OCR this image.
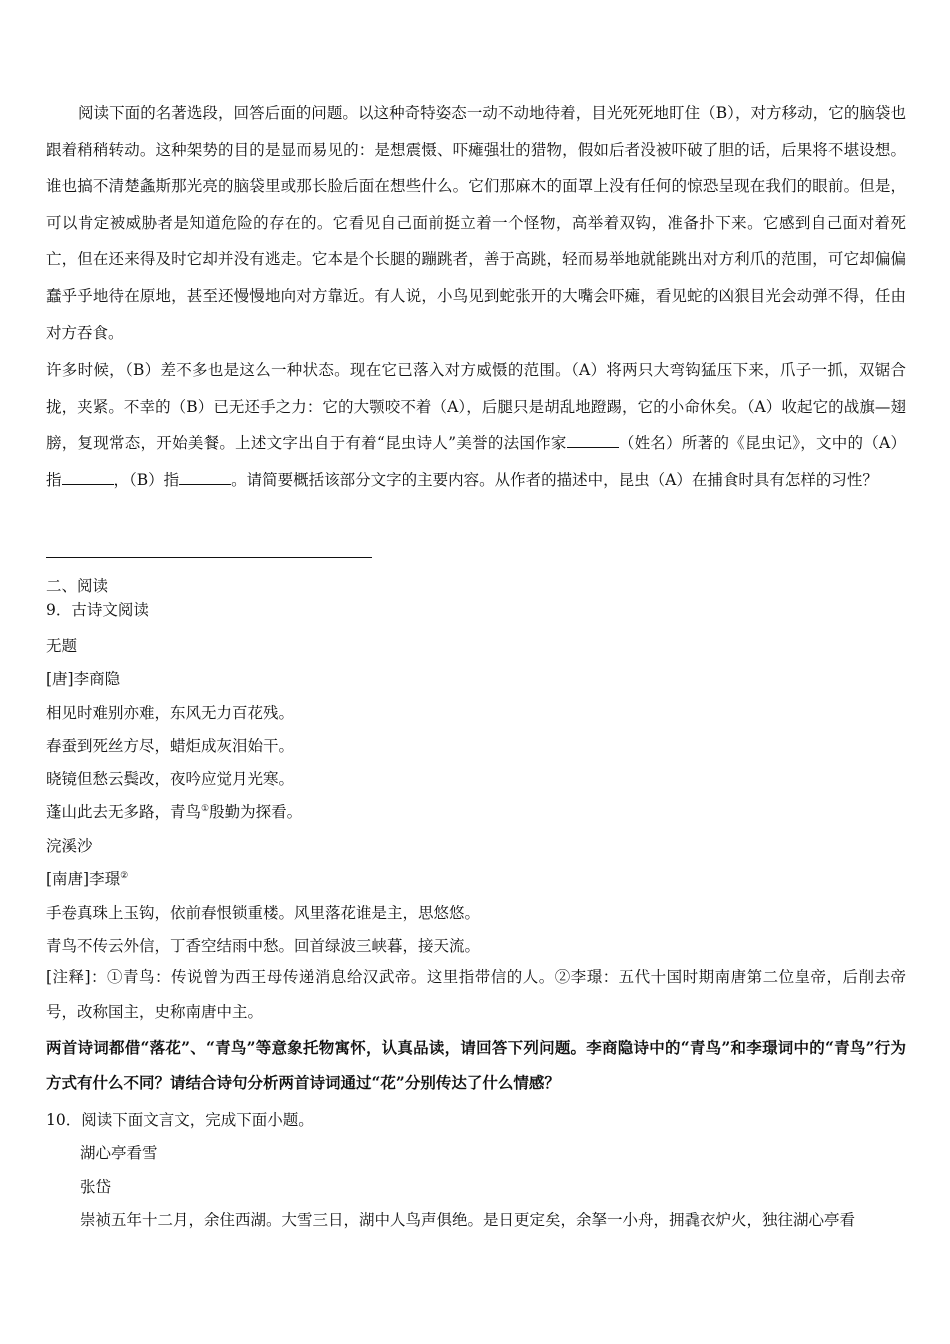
阅读下面的名著选段，回答后面的问题。以这种奇特姿态一动不动地待着，目光死死地盯住（B），对方移动，它的脑袋也跟着稍稍转动。这种架势的目的是显而易见的：是想震慑、吓瘫强壮的猎物，假如后者没被吓破了胆的话，后果将不堪设想。谁也搞不清楚螽斯那光亮的脑袋里或那长脸后面在想些什么。它们那麻木的面罩上没有任何的惊恐呈现在我们的眼前。但是，可以肯定被威胁者是知道危险的存在的。它看见自己面前挺立着一个怪物，高举着双钩，准备扑下来。它感到自己面对着死亡，但在还来得及时它却并没有逃走。它本是个长腿的蹦跳者，善于高跳，轻而易举地就能跳出对方利爪的范围，可它却偏偏蠢乎乎地待在原地，甚至还慢慢地向对方靠近。有人说，小鸟见到蛇张开的大嘴会吓瘫，看见蛇的凶狠目光会动弹不得，任由对方吞食。

许多时候，（B）差不多也是这么一种状态。现在它已落入对方威慑的范围。（A）将两只大弯钩猛压下来，爪子一抓，双锯合拢，夹紧。不幸的（B）已无还手之力：它的大颚咬不着（A），后腿只是胡乱地蹬踢，它的小命休矣。（A）收起它的战旗—翅膀，复现常态，开始美餐。上述文字出自于有着“昆虫诗人”美誉的法国作家	（姓名）所著的《昆虫记》，文中的（A）指	，（B）指	。请简要概括该部分文字的主要内容。从作者的描述中，昆虫（A）在捕食时具有怎样的习性？

二、阅读

9．古诗文阅读

无题

[唐]李商隐

相见时难别亦难，东风无力百花残。

春蚕到死丝方尽，蜡炬成灰泪始干。

晓镜但愁云鬓改，夜吟应觉月光寒。

蓬山此去无多路，青鸟①殷勤为探看。

浣溪沙

[南唐]李璟②

手卷真珠上玉钩，依前春恨锁重楼。风里落花谁是主，思悠悠。

青鸟不传云外信，丁香空结雨中愁。回首绿波三峡暮，接天流。

[注释]：①青鸟：传说曾为西王母传递消息给汉武帝。这里指带信的人。②李璟：五代十国时期南唐第二位皇帝，后削去帝号，改称国主，史称南唐中主。

两首诗词都借“落花”、“青鸟”等意象托物寓怀，认真品读，请回答下列问题。李商隐诗中的“青鸟”和李璟词中的“青鸟”行为方式有什么不同？请结合诗句分析两首诗词通过“花”分别传达了什么情感？

10．阅读下面文言文，完成下面小题。

湖心亭看雪

张岱

崇祯五年十二月，余住西湖。大雪三日，湖中人鸟声俱绝。是日更定矣，余拏一小舟，拥毳衣炉火，独往湖心亭看
